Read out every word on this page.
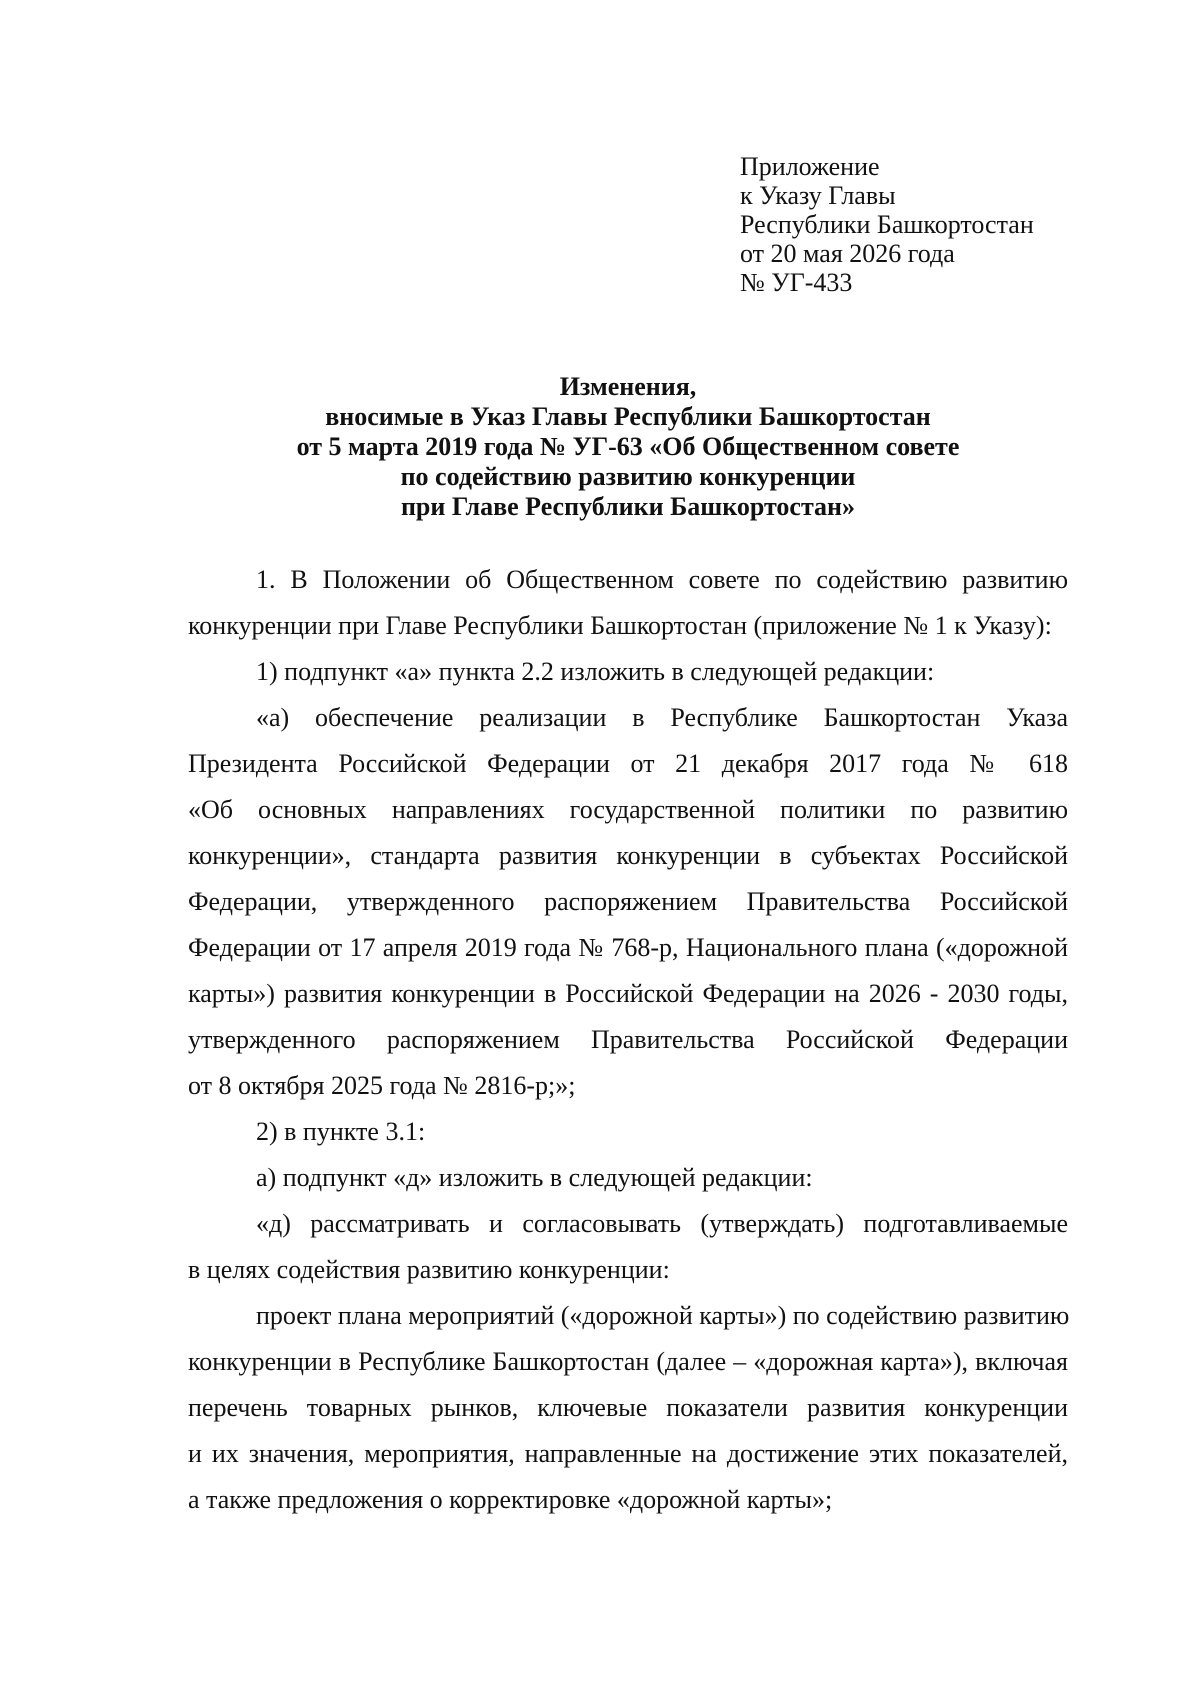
Приложение
к Указу Главы
Республики Башкортостан
от 20 мая 2026 года
№ УГ-433
Изменения,
вносимые в Указ Главы Республики Башкортостан
от 5 марта 2019 года № УГ-63 «Об Общественном совете
по содействию развитию конкуренции
при Главе Республики Башкортостан»
1. В Положении об Общественном совете по содействию развитию
конкуренции при Главе Республики Башкортостан (приложение № 1 к Указу):
1) подпункт «а» пункта 2.2 изложить в следующей редакции:
«а) обеспечение реализации в Республике Башкортостан Указа
Президента Российской Федерации от 21 декабря 2017 года № 618
«Об основных направлениях государственной политики по развитию
конкуренции», стандарта развития конкуренции в субъектах Российской
Федерации, утвержденного распоряжением Правительства Российской
Федерации от 17 апреля 2019 года № 768-р, Национального плана («дорожной
карты») развития конкуренции в Российской Федерации на 2026 - 2030 годы,
утвержденного распоряжением Правительства Российской Федерации
от 8 октября 2025 года № 2816-р;»;
2) в пункте 3.1:
а) подпункт «д» изложить в следующей редакции:
«д) рассматривать и согласовывать (утверждать) подготавливаемые
в целях содействия развитию конкуренции:
проект плана мероприятий («дорожной карты») по содействию развитию
конкуренции в Республике Башкортостан (далее – «дорожная карта»), включая
перечень товарных рынков, ключевые показатели развития конкуренции
и их значения, мероприятия, направленные на достижение этих показателей,
а также предложения о корректировке «дорожной карты»;
